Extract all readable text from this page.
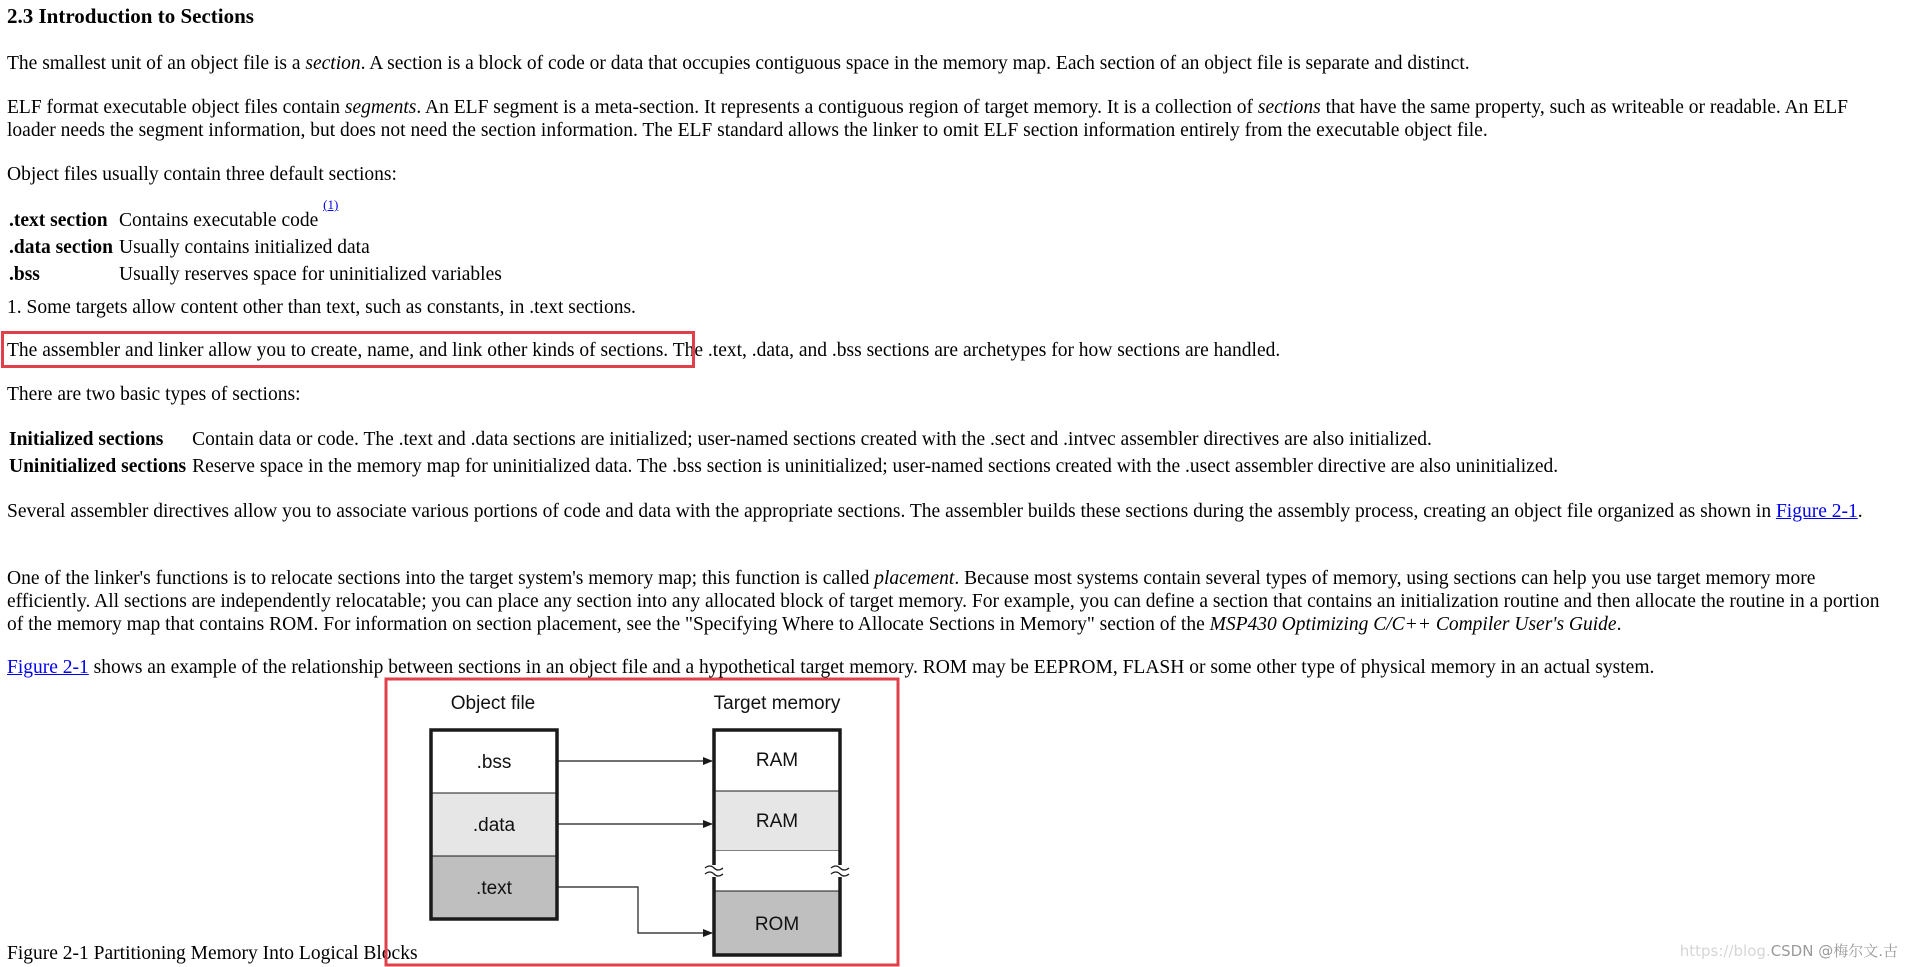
2.3 Introduction to Sections

The smallest unit of an object file is a section. A section is a block of code or data that occupies contiguous space in the memory map. Each section of an object file is separate and distinct.

ELF format executable object files contain segments. An ELF segment is a meta-section. It represents a contiguous region of target memory. It is a collection of sections that have the same property, such as writeable or readable. An ELF loader needs the segment information, but does not need the section information. The ELF standard allows the linker to omit ELF section information entirely from the executable object file.

Object files usually contain three default sections:

.text section	Contains executable code $^{(1)}$
.data section	Usually contains initialized data
.bss	Usually reserves space for uninitialized variables

1. Some targets allow content other than text, such as constants, in .text sections.

The assembler and linker allow you to create, name, and link other kinds of sections. The .text, .data, and .bss sections are archetypes for how sections are handled.

There are two basic types of sections:

Initialized sections	Contain data or code. The .text and .data sections are initialized; user-named sections created with the .sect and .intvec assembler directives are also initialized.
Uninitialized sections	Reserve space in the memory map for uninitialized data. The .bss section is uninitialized; user-named sections created with the .usect assembler directive are also uninitialized.

Several assembler directives allow you to associate various portions of code and data with the appropriate sections. The assembler builds these sections during the assembly process, creating an object file organized as shown in Figure 2-1.

One of the linker's functions is to relocate sections into the target system's memory map; this function is called placement. Because most systems contain several types of memory, using sections can help you use target memory more efficiently. All sections are independently relocatable; you can place any section into any allocated block of target memory. For example, you can define a section that contains an initialization routine and then allocate the routine in a portion of the memory map that contains ROM. For information on section placement, see the "Specifying Where to Allocate Sections in Memory" section of the MSP430 Optimizing C/C++ Compiler User's Guide.

Figure 2-1 shows an example of the relationship between sections in an object file and a hypothetical target memory. ROM may be EEPROM, FLASH or some other type of physical memory in an actual system.

Figure 2-1 Partitioning Memory Into Logical Blocks
Object file	Target memory
.bss
.data
.text
RAM
RAM
ROM
https://blog.CSDN @梅尔文.古
